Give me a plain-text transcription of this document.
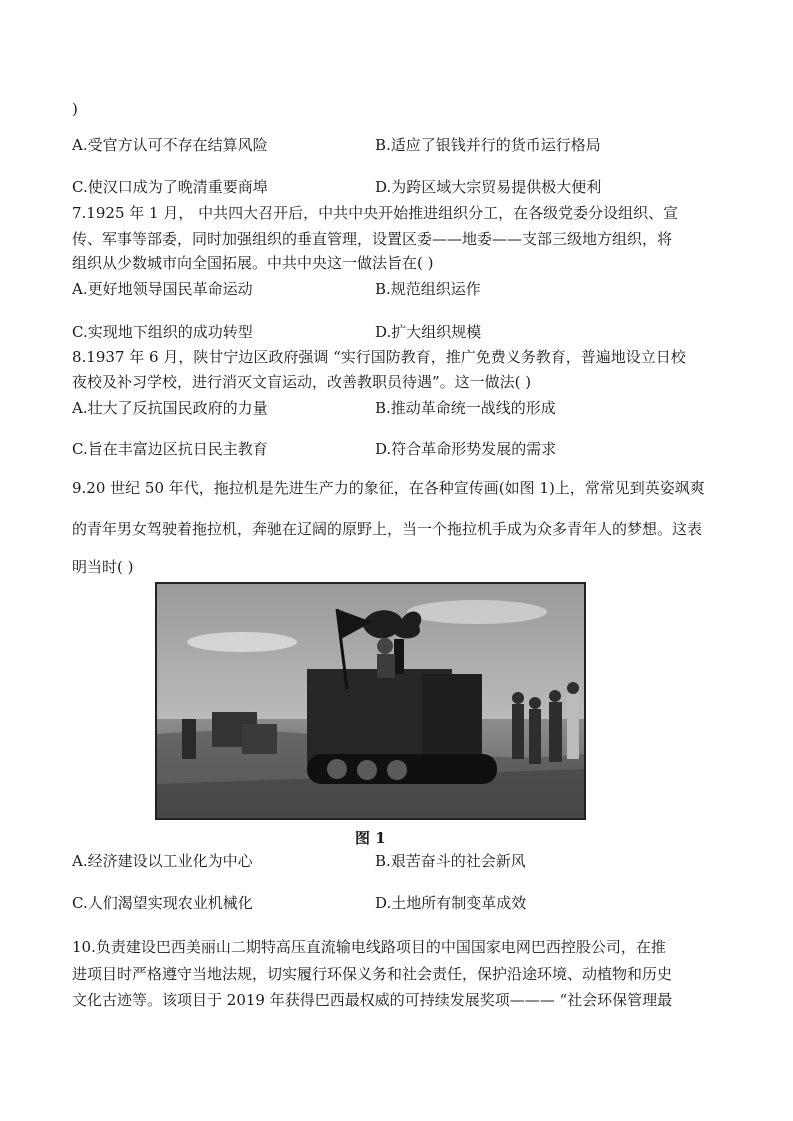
)
A.受官方认可不存在结算风险	B.适应了银钱并行的货币运行格局
C.使汉口成为了晚清重要商埠	D.为跨区域大宗贸易提供极大便利
7.1925 年 1 月， 中共四大召开后，中共中央开始推进组织分工，在各级党委分设组织、宣
传、军事等部委，同时加强组织的垂直管理，设置区委——地委——支部三级地方组织，将
组织从少数城市向全国拓展。中共中央这一做法旨在( )
A.更好地领导国民革命运动	B.规范组织运作
C.实现地下组织的成功转型	D.扩大组织规模
8.1937 年 6 月，陕甘宁边区政府强调 “实行国防教育，推广免费义务教育，普遍地设立日校
夜校及补习学校，进行消灭文盲运动，改善教职员待遇”。这一做法( )
A.壮大了反抗国民政府的力量	B.推动革命统一战线的形成
C.旨在丰富边区抗日民主教育	D.符合革命形势发展的需求
9.20 世纪 50 年代，拖拉机是先进生产力的象征，在各种宣传画(如图 1)上，常常见到英姿飒爽
的青年男女驾驶着拖拉机，奔驰在辽阔的原野上，当一个拖拉机手成为众多青年人的梦想。这表
明当时( )
图 1
A.经济建设以工业化为中心	B.艰苦奋斗的社会新风
C.人们渴望实现农业机械化	D.土地所有制变革成效
10.负责建设巴西美丽山二期特高压直流输电线路项目的中国国家电网巴西控股公司，在推
进项目时严格遵守当地法规，切实履行环保义务和社会责任，保护沿途环境、动植物和历史
文化古迹等。该项目于 2019 年获得巴西最权威的可持续发展奖项——— “社会环保管理最
